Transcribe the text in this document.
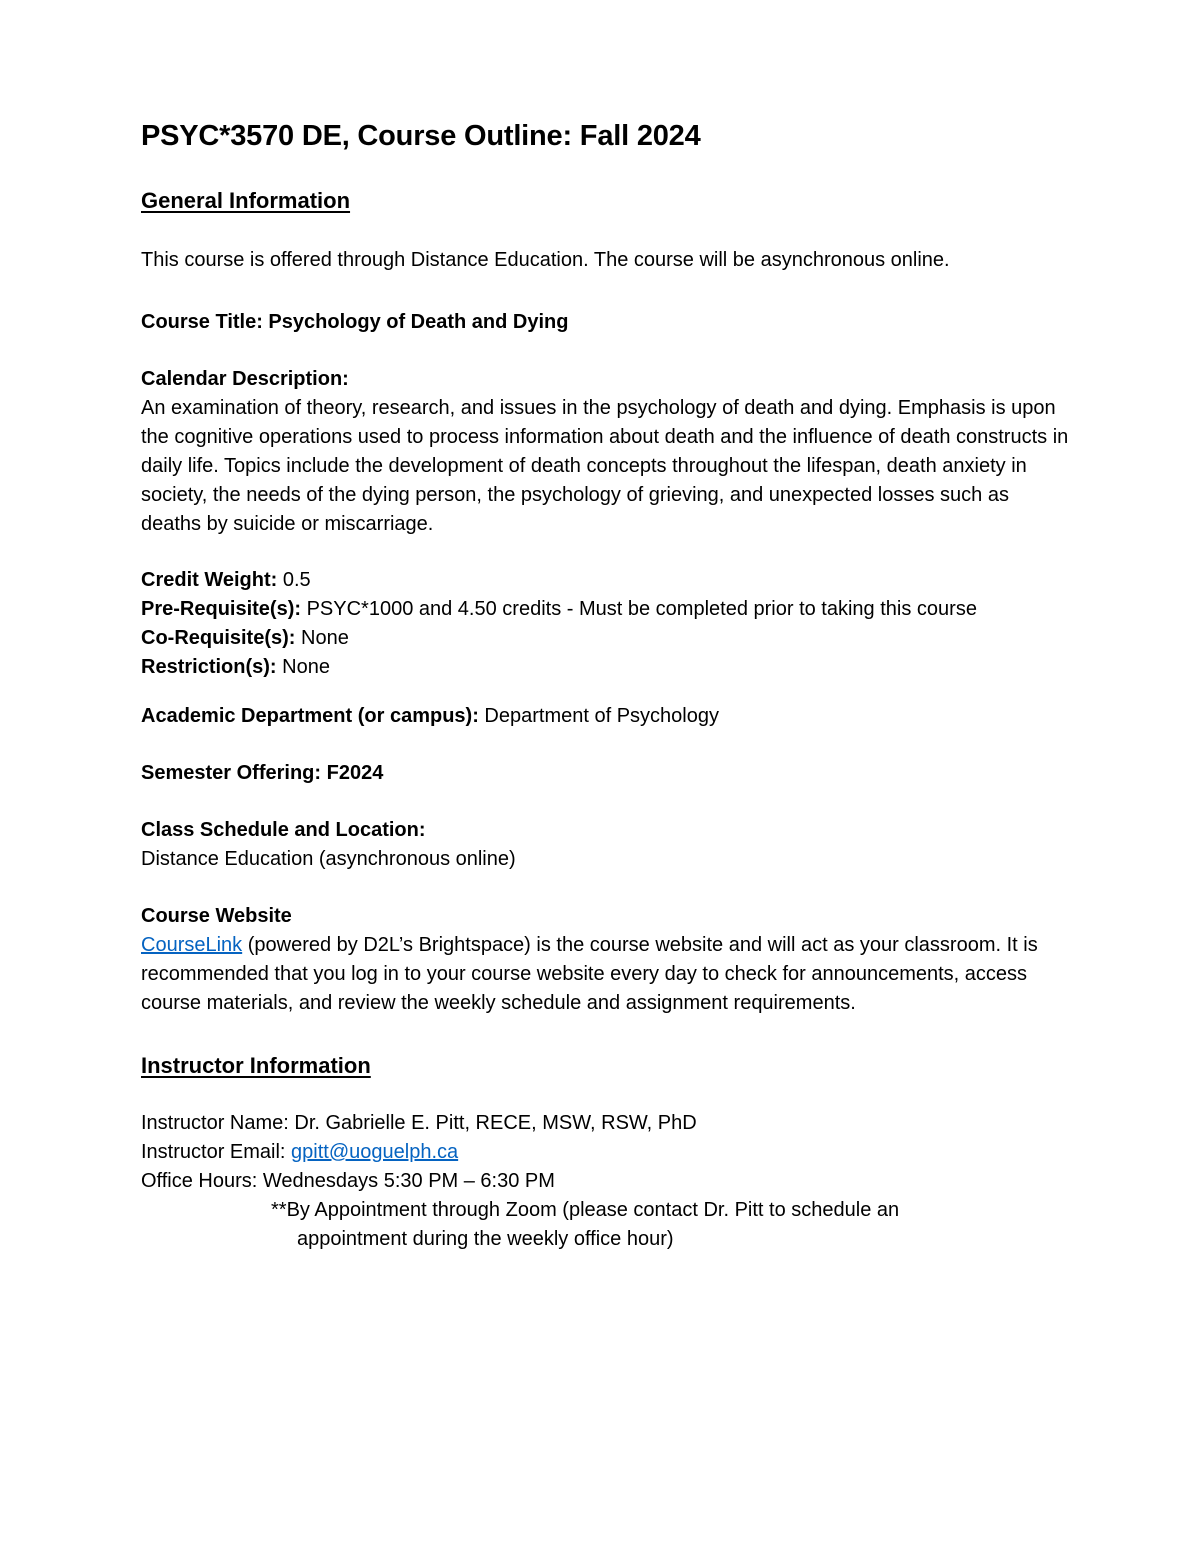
PSYC*3570 DE, Course Outline: Fall 2024
General Information

This course is offered through Distance Education. The course will be asynchronous online.

Course Title: Psychology of Death and Dying

Calendar Description:

An examination of theory, research, and issues in the psychology of death and dying. Emphasis is upon the cognitive operations used to process information about death and the influence of death constructs in daily life. Topics include the development of death concepts throughout the lifespan, death anxiety in society, the needs of the dying person, the psychology of grieving, and unexpected losses such as deaths by suicide or miscarriage.

Credit Weight: 0.5

Pre-Requisite(s): PSYC*1000 and 4.50 credits - Must be completed prior to taking this course

Co-Requisite(s): None

Restriction(s): None

Academic Department (or campus): Department of Psychology

Semester Offering: F2024

Class Schedule and Location:

Distance Education (asynchronous online)

Course Website

CourseLink (powered by D2L’s Brightspace) is the course website and will act as your classroom. It is recommended that you log in to your course website every day to check for announcements, access course materials, and review the weekly schedule and assignment requirements.

Instructor Information

Instructor Name: Dr. Gabrielle E. Pitt, RECE, MSW, RSW, PhD

Instructor Email: gpitt@uoguelph.ca

Office Hours: Wednesdays 5:30 PM – 6:30 PM

**By Appointment through Zoom (please contact Dr. Pitt to schedule an
appointment during the weekly office hour)
